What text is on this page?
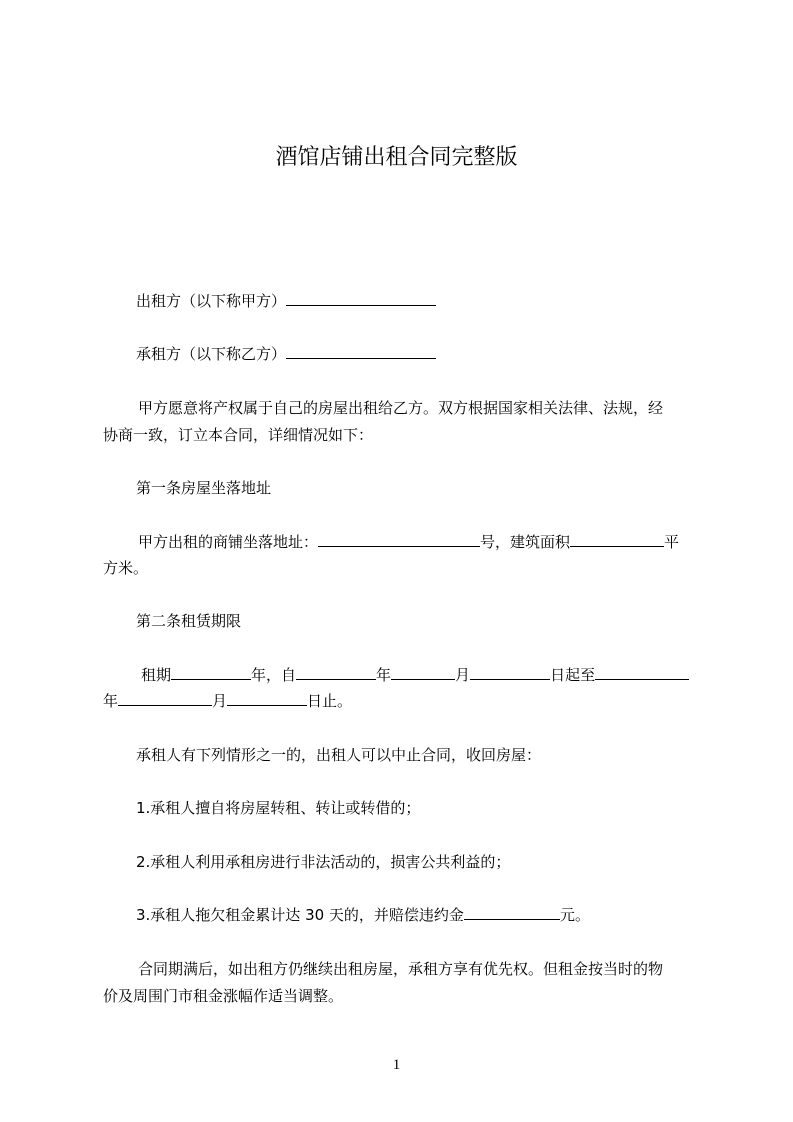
酒馆店铺出租合同完整版
出租方（以下称甲方）
承租方（以下称乙方）
甲方愿意将产权属于自己的房屋出租给乙方。双方根据国家相关法律、法规，经
协商一致，订立本合同，详细情况如下：
第一条房屋坐落地址
甲方出租的商铺坐落地址：	号，建筑面积	平
方米。
第二条租赁期限
租期	年，自	年	月	日起至
年	月	日止。
承租人有下列情形之一的，出租人可以中止合同，收回房屋：
1.承租人擅自将房屋转租、转让或转借的；
2.承租人利用承租房进行非法活动的，损害公共利益的；
3.承租人拖欠租金累计达 30 天的，并赔偿违约金	元。
合同期满后，如出租方仍继续出租房屋，承租方享有优先权。但租金按当时的物
价及周围门市租金涨幅作适当调整。
1
